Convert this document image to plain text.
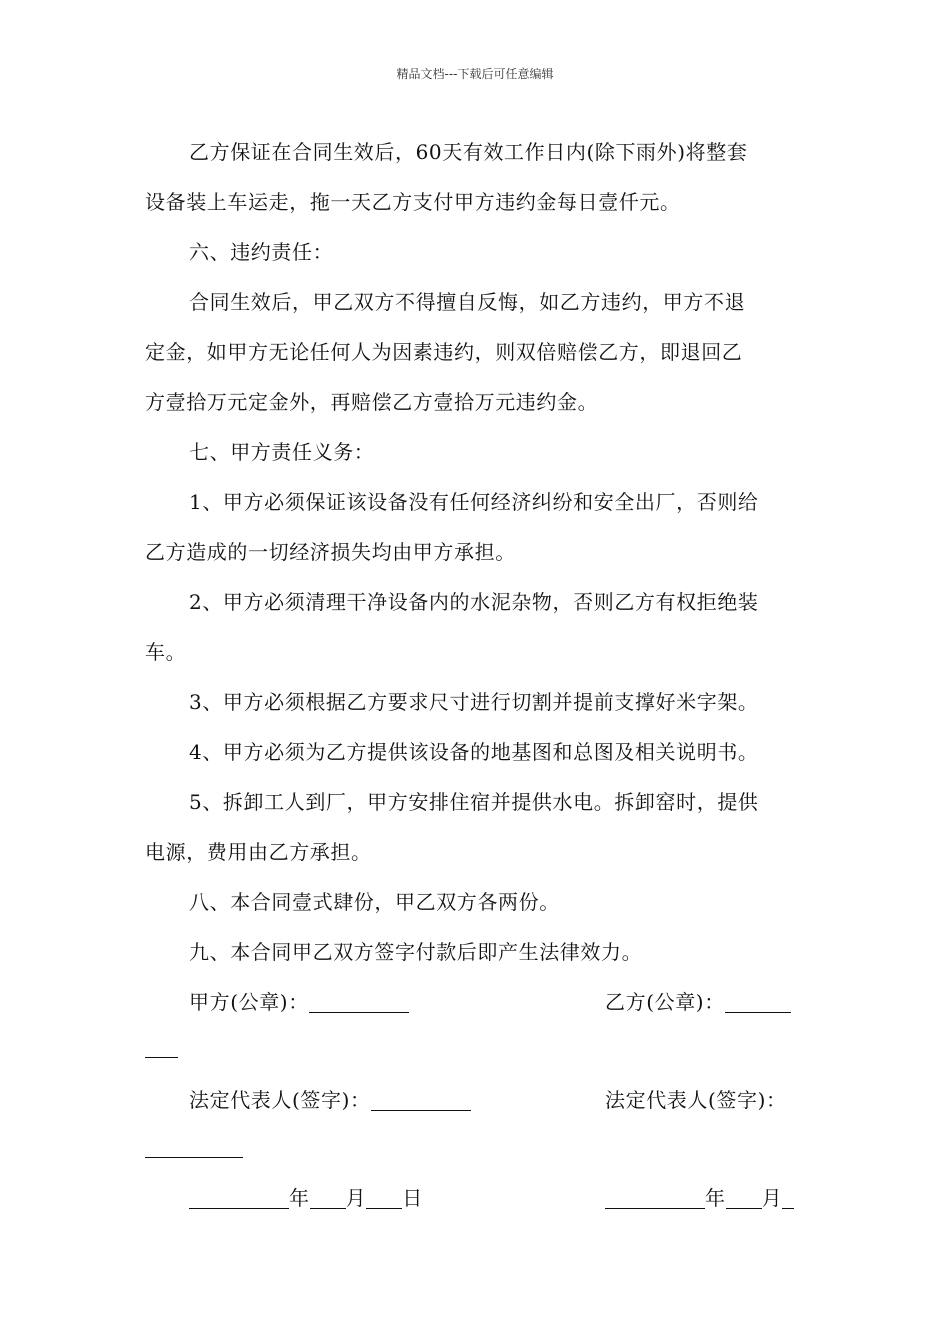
精品文档---下载后可任意编辑
乙方保证在合同生效后，60天有效工作日内(除下雨外)将整套
设备装上车运走，拖一天乙方支付甲方违约金每日壹仟元。
六、违约责任：
合同生效后，甲乙双方不得擅自反悔，如乙方违约，甲方不退
定金，如甲方无论任何人为因素违约，则双倍赔偿乙方，即退回乙
方壹拾万元定金外，再赔偿乙方壹拾万元违约金。
七、甲方责任义务：
1、甲方必须保证该设备没有任何经济纠纷和安全出厂，否则给
乙方造成的一切经济损失均由甲方承担。
2、甲方必须清理干净设备内的水泥杂物，否则乙方有权拒绝装
车。
3、甲方必须根据乙方要求尺寸进行切割并提前支撑好米字架。
4、甲方必须为乙方提供该设备的地基图和总图及相关说明书。
5、拆卸工人到厂，甲方安排住宿并提供水电。拆卸窑时，提供
电源，费用由乙方承担。
八、本合同壹式肆份，甲乙双方各两份。
九、本合同甲乙双方签字付款后即产生法律效力。
甲方(公章)：	乙方(公章)：
法定代表人(签字)：	法定代表人(签字)：
年 月 日	年 月
